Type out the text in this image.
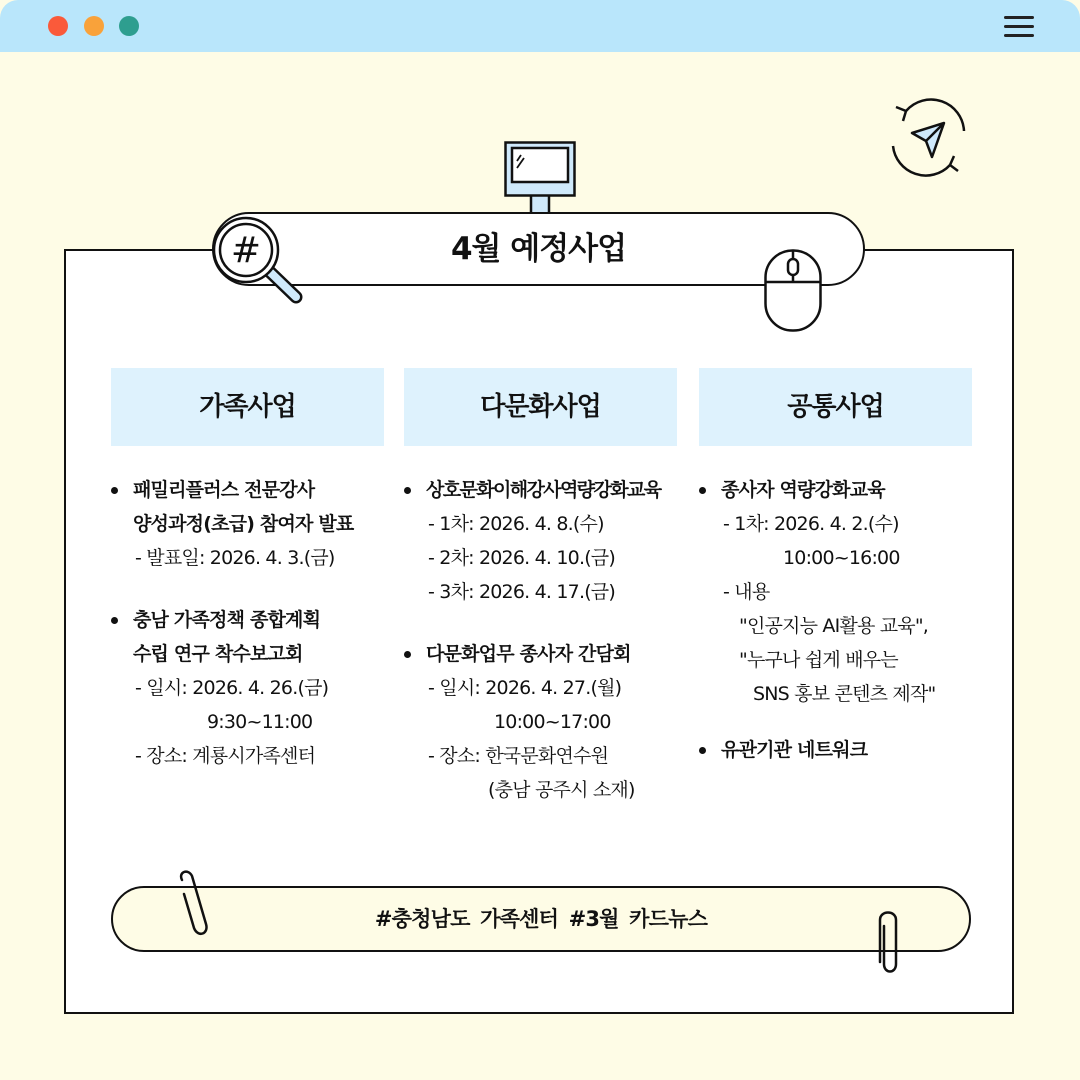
4월 예정사업
#
가족사업	다문화사업	공통사업
패밀리플러스 전문강사
양성과정(초급) 참여자 발표
- 발표일: 2026. 4. 3.(금)
충남 가족정책 종합계획
수립 연구 착수보고회
- 일시: 2026. 4. 26.(금)
9:30~11:00
- 장소: 계룡시가족센터
상호문화이해강사역량강화교육
- 1차: 2026. 4. 8.(수)
- 2차: 2026. 4. 10.(금)
- 3차: 2026. 4. 17.(금)
다문화업무 종사자 간담회
- 일시: 2026. 4. 27.(월)
10:00~17:00
- 장소: 한국문화연수원
(충남 공주시 소재)
종사자 역량강화교육
- 1차: 2026. 4. 2.(수)
10:00~16:00
- 내용
"인공지능 AI활용 교육",
"누구나 쉽게 배우는
SNS 홍보 콘텐츠 제작"
유관기관 네트워크
#충청남도 가족센터 #3월 카드뉴스
